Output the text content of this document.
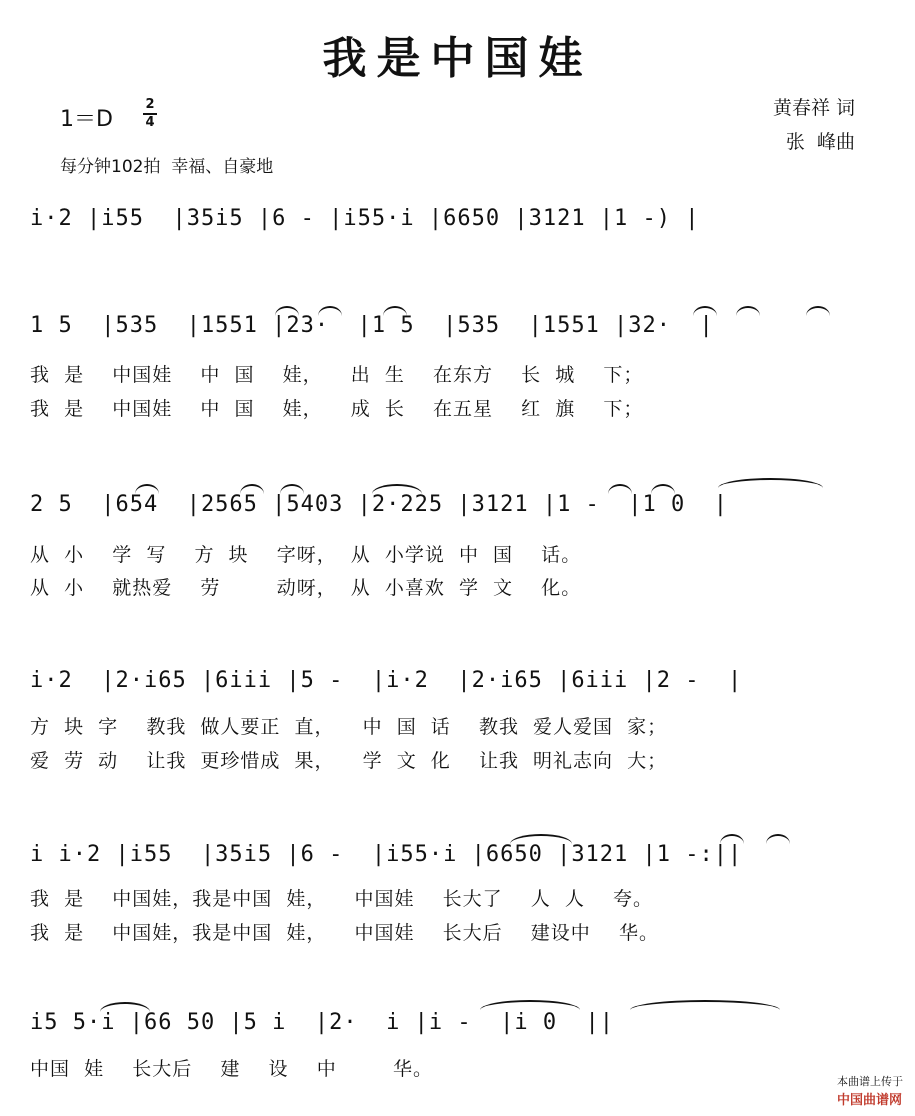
我是中国娃
1＝D
2
4
每分钟102拍  幸福、自豪地
黄春祥 词
张  峰曲
i·2 |i55  |35i5 |6 - |i55·i |6650 |3121 |1 -) |
1 5  |535  |1551 |23·  |1 5  |535  |1551 |32·  |
我  是    中国娃    中  国    娃，    出  生    在东方    长  城    下；
我  是    中国娃    中  国    娃，    成  长    在五星    红  旗    下；
2 5  |654  |2565 |5403 |2·225 |3121 |1 -  |1 0  |
从  小    学  写    方  块    字呀，  从  小学说  中  国    话。
从  小    就热爱    劳        动呀，  从  小喜欢  学  文    化。
i·2  |2·i65 |6iii |5 -  |i·2  |2·i65 |6iii |2 -  |
方  块  字    教我  做人要正  直，    中  国  话    教我  爱人爱国  家；
爱  劳  动    让我  更珍惜成  果，    学  文  化    让我  明礼志向  大；
i i·2 |i55  |35i5 |6 -  |i55·i |6650 |3121 |1 -:||
我  是    中国娃，我是中国  娃，    中国娃    长大了    人  人    夸。
我  是    中国娃，我是中国  娃，    中国娃    长大后    建设中    华。
i5 5·i |66 50 |5 i  |2·  i |i -  |i 0  ||
中国  娃    长大后    建    设    中        华。

本曲谱上传于
中国曲谱网
